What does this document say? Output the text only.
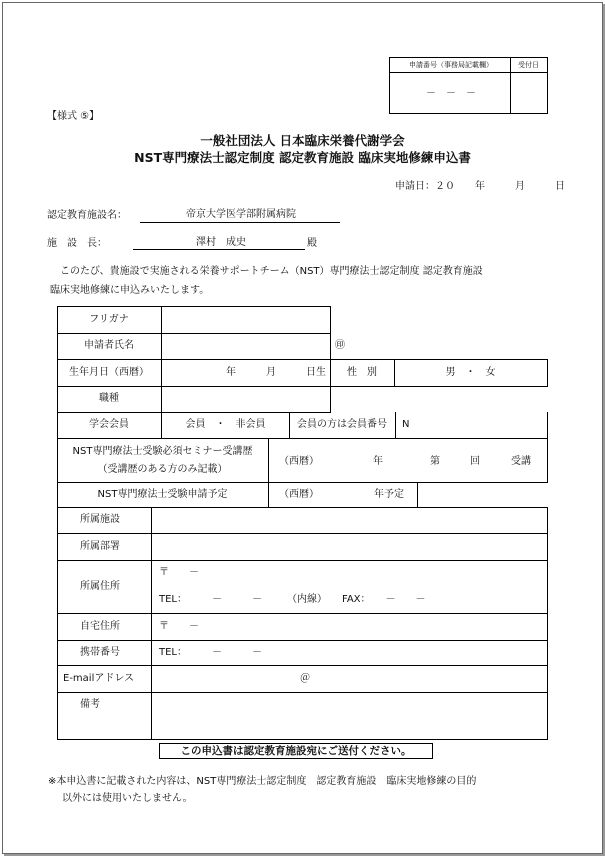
申請番号（事務局記載欄）	受付日
－　－　－
【様式 ⑤】
一般社団法人 日本臨床栄養代謝学会
NST専門療法士認定制度 認定教育施設 臨床実地修練申込書
申請日：２０　　年　　　月　　　日
認定教育施設名：	帝京大学医学部附属病院
施　設　長：	澤村　成史	殿
このたび、貴施設で実施される栄養サポートチーム（NST）専門療法士認定制度 認定教育施設
臨床実地修練に申込みいたします。
フリガナ
申請者氏名	㊞
生年月日（西暦）	年　　　月　　　日生	性　別	男　・　女
職種
学会会員	会員　・　非会員	会員の方は会員番号	N
NST専門療法士受験必須セミナー受講歴
（受講歴のある方のみ記載）
（西暦）	年	第　　　回	受講
NST専門療法士受験申請予定	（西暦）	年予定
所属施設
所属部署
所属住所
〒　　－
TEL：　　　－　　　－　　　（内線）　　FAX：　　－　　－
自宅住所	〒　　－
携帯番号	TEL：　　　－　　　－
E-mailアドレス	＠
備考
この申込書は認定教育施設宛にご送付ください。
※本申込書に記載された内容は、NST専門療法士認定制度　認定教育施設　臨床実地修練の目的
以外には使用いたしません。
